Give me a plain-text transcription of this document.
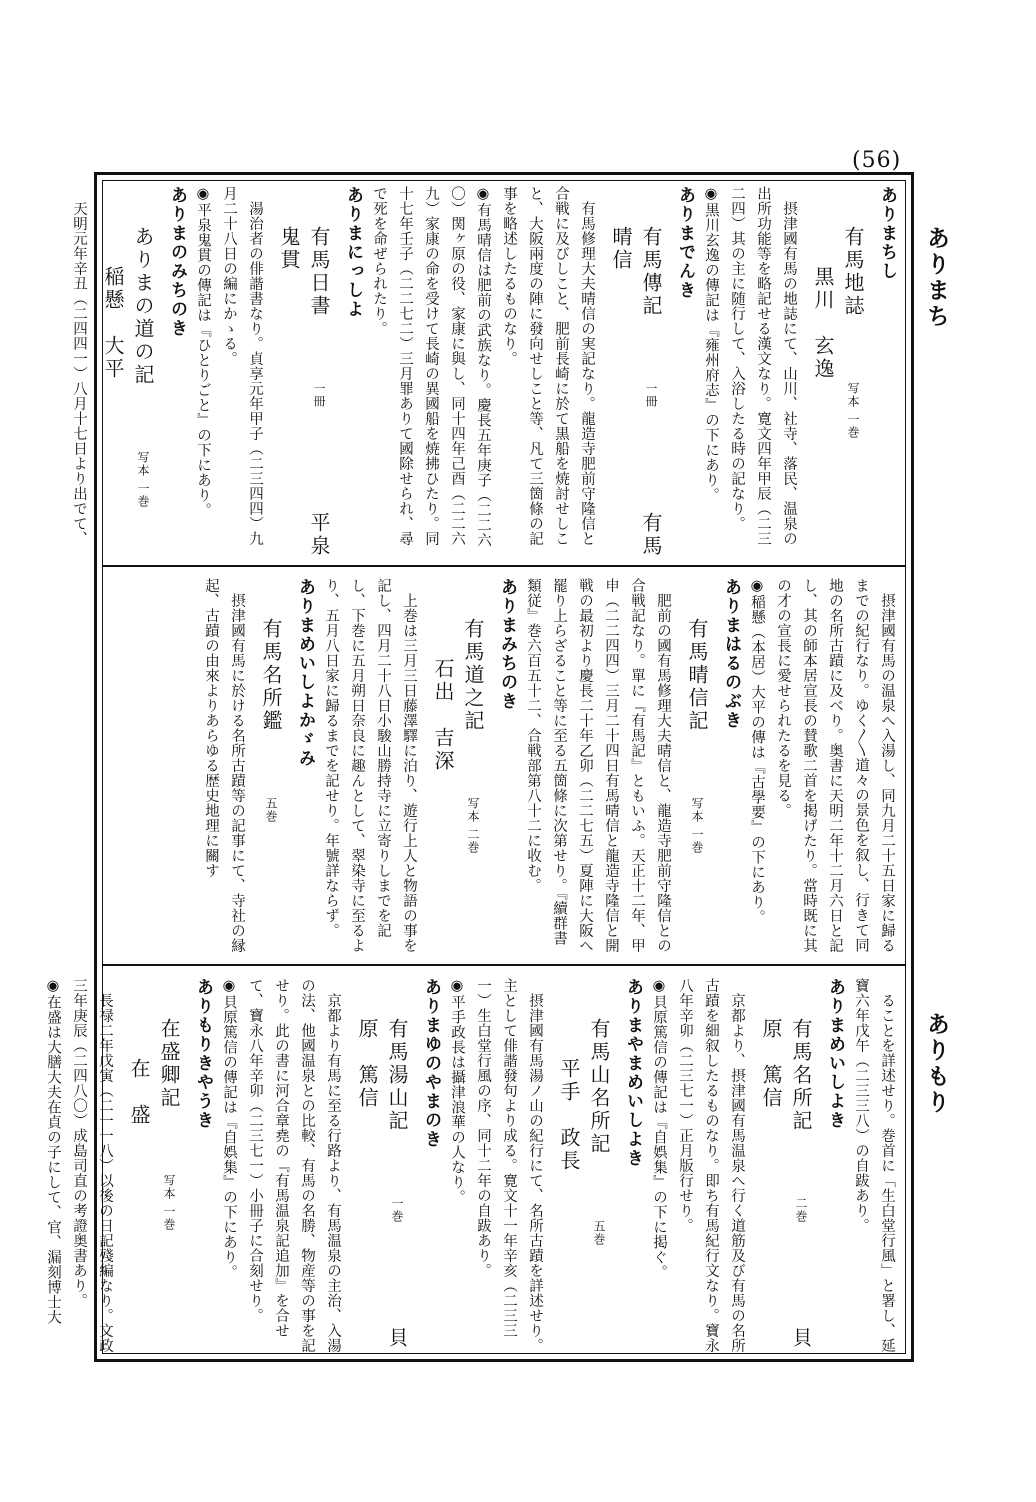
(56)
ありまち
ありもり
ありまちし
有馬地誌　　写本 一巻　　黒川　玄逸
摂津國有馬の地誌にて、山川、社寺、落民、温泉の出所功能等を略記せる漢文なり。寛文四年甲辰（二三二四）其の主に随行して、入浴したる時の記なり。
◉黒川玄逸の傳記は『雍州府志』の下にあり。
ありまでんき
有馬傳記　　一冊　　有馬　晴信
有馬修理大夫晴信の実記なり。龍造寺肥前守隆信と合戦に及びしこと、肥前長崎に於て黒船を焼討せしこと、大阪兩度の陣に發向せしこと等、凡て三箇條の記事を略述したるものなり。
◉有馬晴信は肥前の武族なり。慶長五年庚子（二二六〇）関ヶ原の役、家康に與し、同十四年己酉（二二六九）家康の命を受けて長崎の異國船を焼拂ひたり。同十七年壬子（二二七二）三月罪ありて國除せられ、尋で死を命ぜられたり。
ありまにっしよ
有馬日書　　一冊　　平泉　鬼貫
湯治者の俳諧書なり。貞享元年甲子（二三四四）九月二十八日の編にかゝる。
◉平泉鬼貫の傳記は『ひとりごと』の下にあり。
ありまのみちのき
ありまの道の記　　写本 一巻　　稲懸　大平
天明元年辛丑（二四四一）八月十七日より出でて、
摂津國有馬の温泉へ入湯し、同九月二十五日家に歸るまでの紀行なり。ゆく〳〵道々の景色を叙し、行きて同地の名所古蹟に及べり。奥書に天明二年十二月六日と記し、其の師本居宣長の賛歌二首を掲げたり。當時既に其の才の宣長に愛せられたるを見る。
◉稲懸（本居）大平の傳は『古學要』の下にあり。
ありまはるのぶき
有馬晴信記　　写本 一巻
肥前の國有馬修理大夫晴信と、龍造寺肥前守隆信との合戦記なり。單に『有馬記』ともいふ。天正十二年、甲申（二二四四）三月二十四日有馬晴信と龍造寺隆信と開戦の最初より慶長二十年乙卯（二二七五）夏陣に大阪へ罷り上らざること等に至る五箇條に次第せり。『續群書類従』巻六百五十二、合戦部第八十二に收む。
ありまみちのき
有馬道之記　　写本 二巻　　石出　吉深
上巻は三月三日藤澤驛に泊り、遊行上人と物語の事を記し、四月二十八日小駿山勝持寺に立寄りしまでを記し、下巻に五月朔日奈良に趣んとして、翠染寺に至るより、五月八日家に歸るまでを記せり。年號詳ならず。
ありまめいしよかゞみ
有馬名所鑑　　五巻
摂津國有馬に於ける名所古蹟等の記事にて、寺社の縁起、古蹟の由來よりあらゆる歴史地理に關す
ることを詳述せり。巻首に「生白堂行風」と署し、延寶六年戊午（二三三八）の自跋あり。
ありまめいしよき
有馬名所記　　二巻　　貝原　篤信
京都より、摂津國有馬温泉へ行く道筋及び有馬の名所古蹟を細叙したるものなり。即ち有馬紀行文なり。寶永八年辛卯（二三七一）正月版行せり。
◉貝原篤信の傳記は『自娯集』の下に掲ぐ。
ありまやまめいしよき
有馬山名所記　　五巻　　平手　政長
摂津國有馬湯ノ山の紀行にて、名所古蹟を詳述せり。主として俳諧發句より成る。寛文十一年辛亥（二三三一）生白堂行風の序、同十二年の自跋あり。
◉平手政長は攝津浪華の人なり。
ありまゆのやまのき
有馬湯山記　　一巻　　貝原　篤信
京都より有馬に至る行路より、有馬温泉の主治、入湯の法、他國温泉との比較、有馬の名勝、物産等の事を記せり。此の書に河合章堯の『有馬温泉記追加』を合せて、寶永八年辛卯（二三七一）小冊子に合刻せり。
◉貝原篤信の傳記は『自娯集』の下にあり。
ありもりきやうき
在盛卿記　　写本 一巻　　在　盛
長禄二年戊寅（二一一八）以後の日記殘編なり。文政三年庚辰（二四八〇）成島司直の考證奥書あり。
◉在盛は大膳大夫在貞の子にして、官、漏刻博士大
